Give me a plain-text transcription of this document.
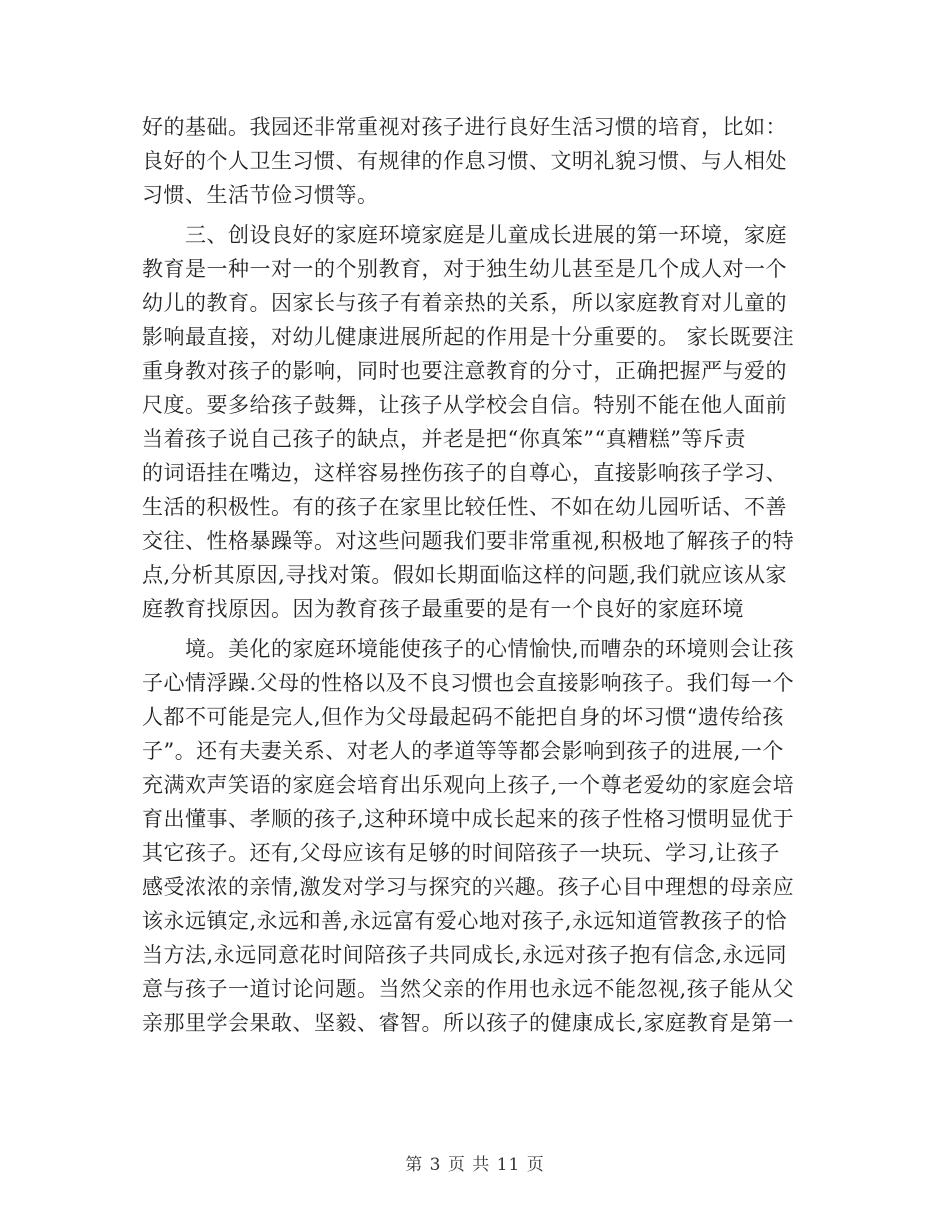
好的基础。我园还非常重视对孩子进行良好生活习惯的培育，比如：
良好的个人卫生习惯、有规律的作息习惯、文明礼貌习惯、与人相处
习惯、生活节俭习惯等。
　　三、创设良好的家庭环境家庭是儿童成长进展的第一环境，家庭
教育是一种一对一的个别教育，对于独生幼儿甚至是几个成人对一个
幼儿的教育。因家长与孩子有着亲热的关系，所以家庭教育对儿童的
影响最直接，对幼儿健康进展所起的作用是十分重要的。 家长既要注
重身教对孩子的影响，同时也要注意教育的分寸，正确把握严与爱的
尺度。要多给孩子鼓舞，让孩子从学校会自信。特别不能在他人面前
当着孩子说自己孩子的缺点，并老是把“你真笨”“真糟糕”等斥责
的词语挂在嘴边，这样容易挫伤孩子的自尊心，直接影响孩子学习、
生活的积极性。有的孩子在家里比较任性、不如在幼儿园听话、不善
交往、性格暴躁等。对这些问题我们要非常重视,积极地了解孩子的特
点,分析其原因,寻找对策。假如长期面临这样的问题,我们就应该从家
庭教育找原因。因为教育孩子最重要的是有一个良好的家庭环境
　　境。美化的家庭环境能使孩子的心情愉快,而嘈杂的环境则会让孩
子心情浮躁.父母的性格以及不良习惯也会直接影响孩子。我们每一个
人都不可能是完人,但作为父母最起码不能把自身的坏习惯“遗传给孩
子”。还有夫妻关系、对老人的孝道等等都会影响到孩子的进展,一个
充满欢声笑语的家庭会培育出乐观向上孩子,一个尊老爱幼的家庭会培
育出懂事、孝顺的孩子,这种环境中成长起来的孩子性格习惯明显优于
其它孩子。还有,父母应该有足够的时间陪孩子一块玩、学习,让孩子
感受浓浓的亲情,激发对学习与探究的兴趣。孩子心目中理想的母亲应
该永远镇定,永远和善,永远富有爱心地对孩子,永远知道管教孩子的恰
当方法,永远同意花时间陪孩子共同成长,永远对孩子抱有信念,永远同
意与孩子一道讨论问题。当然父亲的作用也永远不能忽视,孩子能从父
亲那里学会果敢、坚毅、睿智。所以孩子的健康成长,家庭教育是第一
第 3 页 共 11 页
